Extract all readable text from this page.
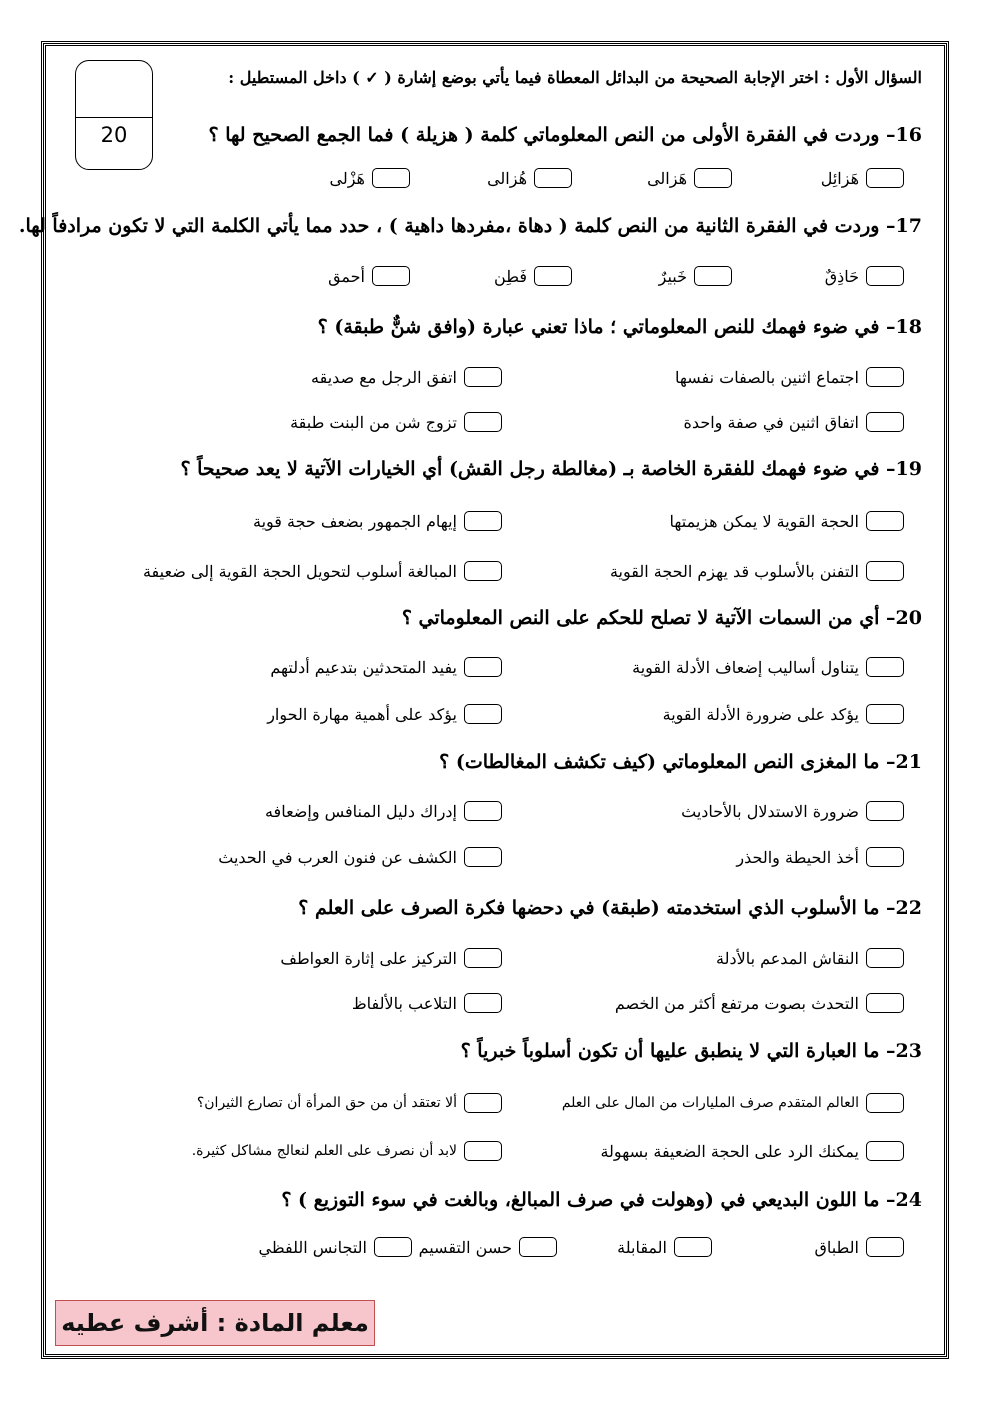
20
السؤال الأول : اختر الإجابة الصحيحة من البدائل المعطاة فيما يأتي بوضع إشارة ( ✓ ) داخل المستطيل :
16– وردت في الفقرة الأولى من النص المعلوماتي كلمة ( هزيلة ) فما الجمع الصحيح لها ؟
هَزائِل
هَزالى
هُزالى
هَزْلى
17– وردت في الفقرة الثانية من النص كلمة ( دهاة ،مفردها داهية ) ، حدد مما يأتي الكلمة التي لا تكون مرادفاً لها.
حَاذِقٌ
خَبيرٌ
فَطِن
أحمق
18– في ضوء فهمك للنص المعلوماتي ؛ ماذا تعني عبارة (وافق شنٌّ طبقة) ؟
اجتماع اثنين بالصفات نفسها
اتفق الرجل مع صديقه
اتفاق اثنين في صفة واحدة
تزوج شن من البنت طبقة
19– في ضوء فهمك للفقرة الخاصة بـ (مغالطة رجل القش) أي الخيارات الآتية لا يعد صحيحاً ؟
الحجة القوية لا يمكن هزيمتها
إيهام الجمهور بضعف حجة قوية
التفنن بالأسلوب قد يهزم الحجة القوية
المبالغة أسلوب لتحويل الحجة القوية إلى ضعيفة
20– أي من السمات الآتية لا تصلح للحكم على النص المعلوماتي ؟
يتناول أساليب إضعاف الأدلة القوية
يفيد المتحدثين بتدعيم أدلتهم
يؤكد على ضرورة الأدلة القوية
يؤكد على أهمية مهارة الحوار
21– ما المغزى النص المعلوماتي (كيف تكشف المغالطات) ؟
ضرورة الاستدلال بالأحاديث
إدراك دليل المنافس وإضعافه
أخذ الحيطة والحذر
الكشف عن فنون العرب في الحديث
22– ما الأسلوب الذي استخدمته (طبقة) في دحضها فكرة الصرف على العلم ؟
النقاش المدعم بالأدلة
التركيز على إثارة العواطف
التحدث بصوت مرتفع أكثر من الخصم
التلاعب بالألفاظ
23– ما العبارة التي لا ينطبق عليها أن تكون أسلوباً خبرياً ؟
العالم المتقدم صرف المليارات من المال على العلم
ألا تعتقد أن من حق المرأة أن تصارع الثيران؟
يمكنك الرد على الحجة الضعيفة بسهولة
لابد أن نصرف على العلم لنعالج مشاكل كثيرة.
24– ما اللون البديعي في (وهولت في صرف المبالغ، وبالغت في سوء التوزيع ) ؟
الطباق
المقابلة
حسن التقسيم
التجانس اللفظي
معلم المادة : أشرف عطيه
